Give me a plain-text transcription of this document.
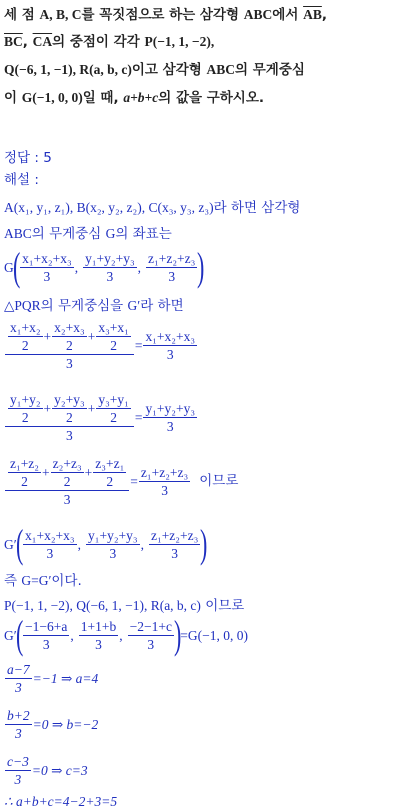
세 점 A, B, C를 꼭짓점으로 하는 삼각형 ABC에서 $\overline{AB}$,
$\overline{BC}$, $\overline{CA}$의 중점이 각각 P(−1, 1, −2),
Q(−6, 1, −1), R(a, b, c)이고 삼각형 ABC의 무게중심
이 G(−1, 0, 0)일 때, a+b+c의 값을 구하시오.
정답 : 5
해설 :
A(x₁, y₁, z₁), B(x₂, y₂, z₂), C(x₃, y₃, z₃)라 하면 삼각형
ABC의 무게중심 G의 좌표는
G
( $\frac{\text{x₁+x₂+x₃}}{3}$ , $\frac{\text{y₁+y₂+y₃}}{3}$ , $\frac{\text{z₁+z₂+z₃}}{3}$ )
△PQR의 무게중심을 G′라 하면
$\frac{\frac{\text{x₁+x₂}}{2} + \frac{\text{x₂+x₃}}{2} + \frac{\text{x₃+x₁}}{2}}{3} = \frac{\text{x₁+x₂+x₃}}{3}$
$\frac{\frac{\text{y₁+y₂}}{2} + \frac{\text{y₂+y₃}}{2} + \frac{\text{y₃+y₁}}{2}}{3} = \frac{\text{y₁+y₂+y₃}}{3}$
$\frac{\frac{\text{z₁+z₂}}{2} + \frac{\text{z₂+z₃}}{2} + \frac{\text{z₃+z₁}}{2}}{3} = \frac{\text{z₁+z₂+z₃}}{3}$ 이므로
G′
( $\frac{\text{x₁+x₂+x₃}}{3}$ , $\frac{\text{y₁+y₂+y₃}}{3}$ , $\frac{\text{z₁+z₂+z₃}}{3}$ )
즉 G=G′이다.
P(−1, 1, −2), Q(−6, 1, −1), R(a, b, c) 이므로
G′
( $\frac{-1-6+a}{3}$ , $\frac{1+1+b}{3}$ , $\frac{-2-1+c}{3}$ )
=G(−1, 0, 0)
$\frac{a-7}{3} =-1$ ⇒ a=4
$\frac{b+2}{3} =0$ ⇒ b=−2
$\frac{c-3}{3} =0$ ⇒ c=3
∴ a+b+c=4−2+3=5
